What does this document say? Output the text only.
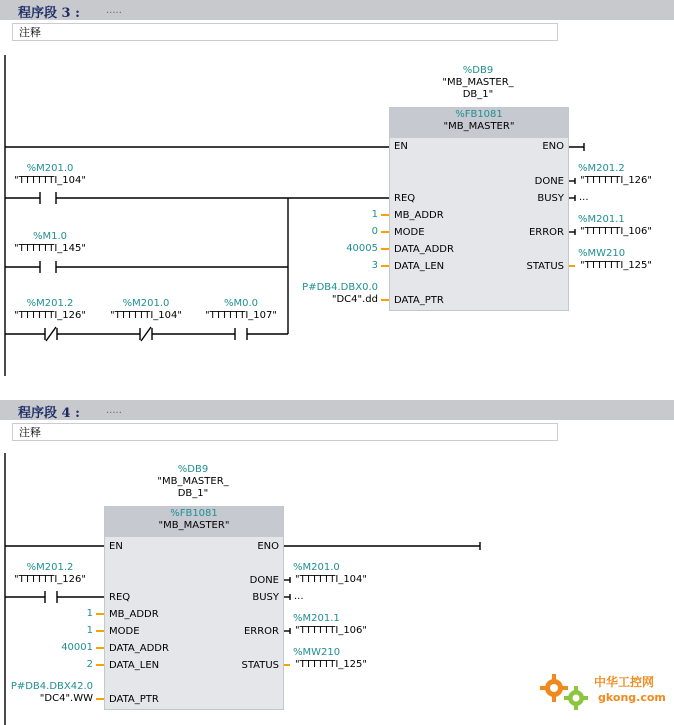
程序段 3 :	.....
注释
%DB9
"MB_MASTER_
DB_1"
%FB1081
"MB_MASTER"
EN	ENO
DONE
REQ	BUSY
MB_ADDR
MODE	ERROR
DATA_ADDR
DATA_LEN	STATUS
DATA_PTR
1
0
40005
3
P#DB4.DBX0.0
"DC4".dd
%M201.2
"TTTTTTI_126"
...
%M201.1
"TTTTTTI_106"
%MW210
"TTTTTTI_125"
%M201.0
"TTTTTTI_104"
%M1.0
"TTTTTTI_145"
%M201.2
"TTTTTTI_126"
%M201.0
"TTTTTTI_104"
%M0.0
"TTTTTTI_107"
程序段 4 :	.....
注释
%DB9
"MB_MASTER_
DB_1"
%FB1081
"MB_MASTER"
EN	ENO
DONE
REQ	BUSY
MB_ADDR
MODE	ERROR
DATA_ADDR
DATA_LEN	STATUS
DATA_PTR
1
1
40001
2
P#DB4.DBX42.0
"DC4".WW
%M201.0
"TTTTTTI_104"
...
%M201.1
"TTTTTTI_106"
%MW210
"TTTTTTI_125"
%M201.2
"TTTTTTI_126"
中华工控网
gkong.com
